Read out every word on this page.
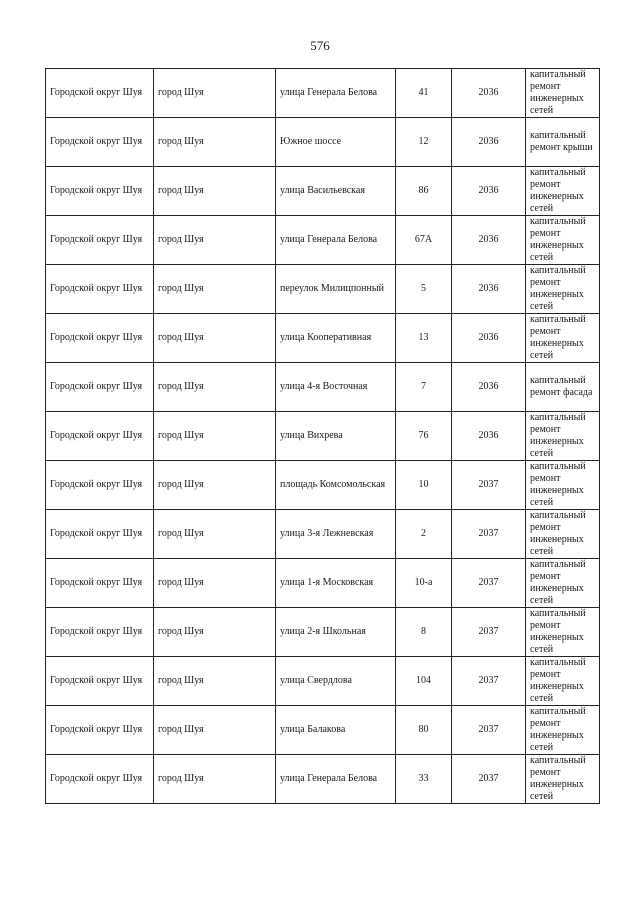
576
Городской округ Шуя	город Шуя	улица Генерала Белова	41	2036	капитальный ремонт инженерных сетей
Городской округ Шуя	город Шуя	Южное шоссе	12	2036	капитальный ремонт крыши
Городской округ Шуя	город Шуя	улица Васильевская	86	2036	капитальный ремонт инженерных сетей
Городской округ Шуя	город Шуя	улица Генерала Белова	67А	2036	капитальный ремонт инженерных сетей
Городской округ Шуя	город Шуя	переулок Милицпонный	5	2036	капитальный ремонт инженерных сетей
Городской округ Шуя	город Шуя	улица Кооперативная	13	2036	капитальный ремонт инженерных сетей
Городской округ Шуя	город Шуя	улица 4-я Восточная	7	2036	капитальный ремонт фасада
Городской округ Шуя	город Шуя	улица Вихрева	76	2036	капитальный ремонт инженерных сетей
Городской округ Шуя	город Шуя	площадь Комсомольская	10	2037	капитальный ремонт инженерных сетей
Городской округ Шуя	город Шуя	улица 3-я Лежневская	2	2037	капитальный ремонт инженерных сетей
Городской округ Шуя	город Шуя	улица 1-я Московская	10-а	2037	капитальный ремонт инженерных сетей
Городской округ Шуя	город Шуя	улица 2-я Школьная	8	2037	капитальный ремонт инженерных сетей
Городской округ Шуя	город Шуя	улица Свердлова	104	2037	капитальный ремонт инженерных сетей
Городской округ Шуя	город Шуя	улица Балакова	80	2037	капитальный ремонт инженерных сетей
Городской округ Шуя	город Шуя	улица Генерала Белова	33	2037	капитальный ремонт инженерных сетей
